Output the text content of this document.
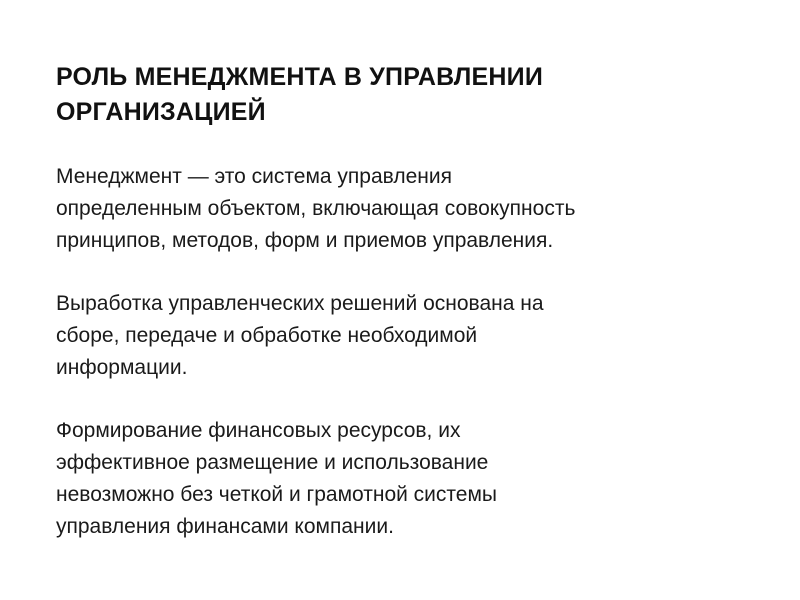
РОЛЬ МЕНЕДЖМЕНТА В УПРАВЛЕНИИ
ОРГАНИЗАЦИЕЙ

Менеджмент — это система управления
определенным объектом, включающая совокупность
принципов, методов, форм и приемов управления.

Выработка управленческих решений основана на
сборе, передаче и обработке необходимой
информации.

Формирование финансовых ресурсов, их
эффективное размещение и использование
невозможно без четкой и грамотной системы
управления финансами компании.
